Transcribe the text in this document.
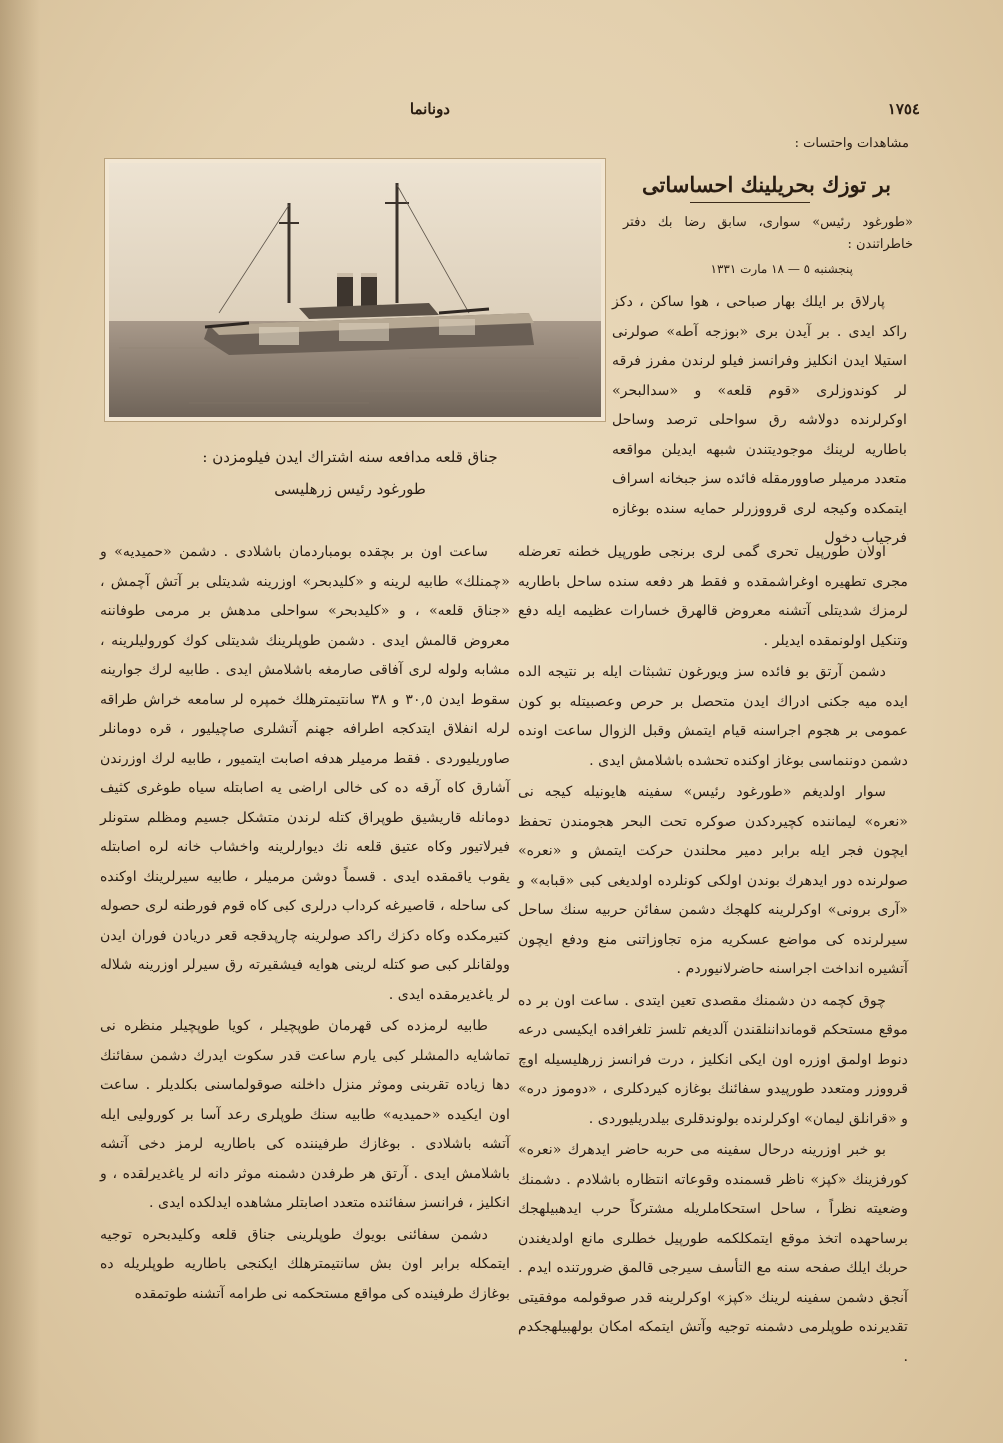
١٧٥٤
دونانما
مشاهدات واحتسات :
بر توزك بحريلينك احساساتى
«طورغود رئيس» سوارى، سابق رضا بك دفتر خاطراتندن :
پنجشنبه ٥ — ١٨ مارت ١٣٣١
جناق قلعه مدافعه سنه اشتراك ايدن فيلومزدن :
طورغود رئيس زرهليسى

پارلاق بر ايلك بهار صباحى ، هوا ساكن ، دكز راكد ايدى . بر آيدن برى «بوزجه آطه» صولرنى استيلا ايدن انكليز وفرانسز فيلو لرندن مفرز فرقه لر كوندوزلرى «قوم قلعه» و «سدالبحر» اوكرلرنده دولاشه رق سواحلى ترصد وساحل باطاريه لرينك موجوديتندن شبهه ايديلن مواقعه متعدد مرميلر صاوورمقله فائده سز جبخانه اسراف ايتمكده وكيجه لرى قرووزرلر حمايه سنده بوغازه فرجياب دخول

ساعت اون بر بچقده بومباردمان باشلادى . دشمن «حميديه» و «چمنلك» طابيه لرينه و «كليدبحر» اوزرينه شديتلى بر آتش آچمش ، «جناق قلعه» ، و «كليدبحر» سواحلى مدهش بر مرمى طوفاننه معروض قالمش ايدى . دشمن طوپلرينك شديتلى كوك كوروليلرينه ، مشابه ولوله لرى آفاقى صارمغه باشلامش ايدى . طابيه لرك جوارينه سقوط ايدن ٣٠,٥ و ٣٨ سانتيمترهلك خمپره لر سامعه خراش طراقه لرله انفلاق ايتدكجه اطرافه جهنم آتشلرى صاچيليور ، قره دومانلر صاوريليوردى . فقط مرميلر هدفه اصابت ايتميور ، طابيه لرك اوزرندن آشارق كاه آرقه ده كى خالى اراضى يه اصابتله سياه طوغرى كثيف دومانله قاريشيق طوپراق كتله لرندن متشكل جسيم ومظلم ستونلر فيرلاتيور وكاه عتيق قلعه نك ديوارلرينه واخشاب خانه لره اصابتله يقوب ياقمقده ايدى . قسماً دوشن مرميلر ، طابيه سيرلرينك اوكنده كى ساحله ، قاصيرغه كرداب درلرى كبى كاه قوم فورطنه لرى حصوله كتيرمكده وكاه دكزك راكد صولرينه چارپدقجه قعر دريادن فوران ايدن وولقانلر كبى صو كتله لرينى هوايه فيشقيرته رق سيرلر اوزرينه شلاله لر ياغديرمقده ايدى .

طابيه لرمزده كى قهرمان طوپچيلر ، كويا طوپچيلر منظره نى تماشايه دالمشلر كبى يارم ساعت قدر سكوت ايدرك دشمن سفائنك دها زياده تقربنى وموثر منزل داخلنه صوقولماسنى بكلديلر . ساعت اون ايكيده «حميديه» طابيه سنك طوپلرى رعد آسا بر كوروليى ايله آتشه باشلادى . بوغازك طرفيننده كى باطاريه لرمز دخى آتشه باشلامش ايدى . آرتق هر طرفدن دشمنه موثر دانه لر ياغديرلقده ، و انكليز ، فرانسز سفائنده متعدد اصابتلر مشاهده ايدلكده ايدى .

دشمن سفائنى بويوك طوپلرينى جناق قلعه وكليدبحره توجيه ايتمكله برابر اون بش سانتيمترهلك ايكنجى باطاريه طوپلريله ده بوغازك طرفينده كى مواقع مستحكمه نى طرامه آتشنه طوتمقده

اولان طورپيل تحرى گمى لرى برنجى طورپيل خطنه تعرضله مجرى تطهيره اوغراشمقده و فقط هر دفعه سنده ساحل باطاريه لرمزك شديتلى آتشنه معروض قالهرق خسارات عظيمه ايله دفع وتنكيل اولونمقده ايديلر .

دشمن آرتق بو فائده سز ويورغون تشبثات ايله بر نتيجه الده ايده ميه جكنى ادراك ايدن متحصل بر حرص وعصبيتله بو كون عمومى بر هجوم اجراسنه قيام ايتمش وقبل الزوال ساعت اونده دشمن دوننماسى بوغاز اوكنده تحشده باشلامش ايدى .

سوار اولديغم «طورغود رئيس» سفينه هايونيله كيجه نى «نعره» ليماننده كچيردكدن صوكره تحت البحر هجومندن تحفظ ايچون فجر ايله برابر دمير محلندن حركت ايتمش و «نعره» صولرنده دور ايدهرك بوندن اولكى كونلرده اولديغى كبى «قبابه» و «آرى برونى» اوكرلرينه كلهجك دشمن سفائن حربيه سنك ساحل سيرلرنده كى مواضع عسكريه مزه تجاوزاتنى منع ودفع ايچون آتشيره انداخت اجراسنه حاضرلانيوردم .

چوق كچمه دن دشمنك مقصدى تعين ايتدى . ساعت اون بر ده موقع مستحكم قومانداننلقندن آلديغم تلسز تلغرافده ايكيسى درعه دنوط اولمق اوزره اون ايكى انكليز ، درت فرانسز زرهليسيله اوچ قرووزر ومتعدد طورپيدو سفائنك بوغازه كيردكلرى ، «دوموز دره» و «قرانلق ليمان» اوكرلرنده بولوندقلرى بيلدريليوردى .

بو خبر اوزرينه درحال سفينه مى حربه حاضر ايدهرك «نعره» كورفزينك «كپز» ناظر قسمنده وقوعاته انتظاره باشلادم . دشمنك وضعيته نظراً ، ساحل استحكاملريله مشتركاً حرب ايدهبيلهجك برساحهده اتخذ موقع ايتمكلكمه طورپيل خطلرى مانع اولديغندن حربك ايلك صفحه سنه مع التأسف سيرجى قالمق ضرورتنده ايدم . آنجق دشمن سفينه لرينك «كپز» اوكرلرينه قدر صوقولمه موفقيتى تقديرنده طوپلرمى دشمنه توجيه وآتش ايتمكه امكان بولهبيلهجكدم .
